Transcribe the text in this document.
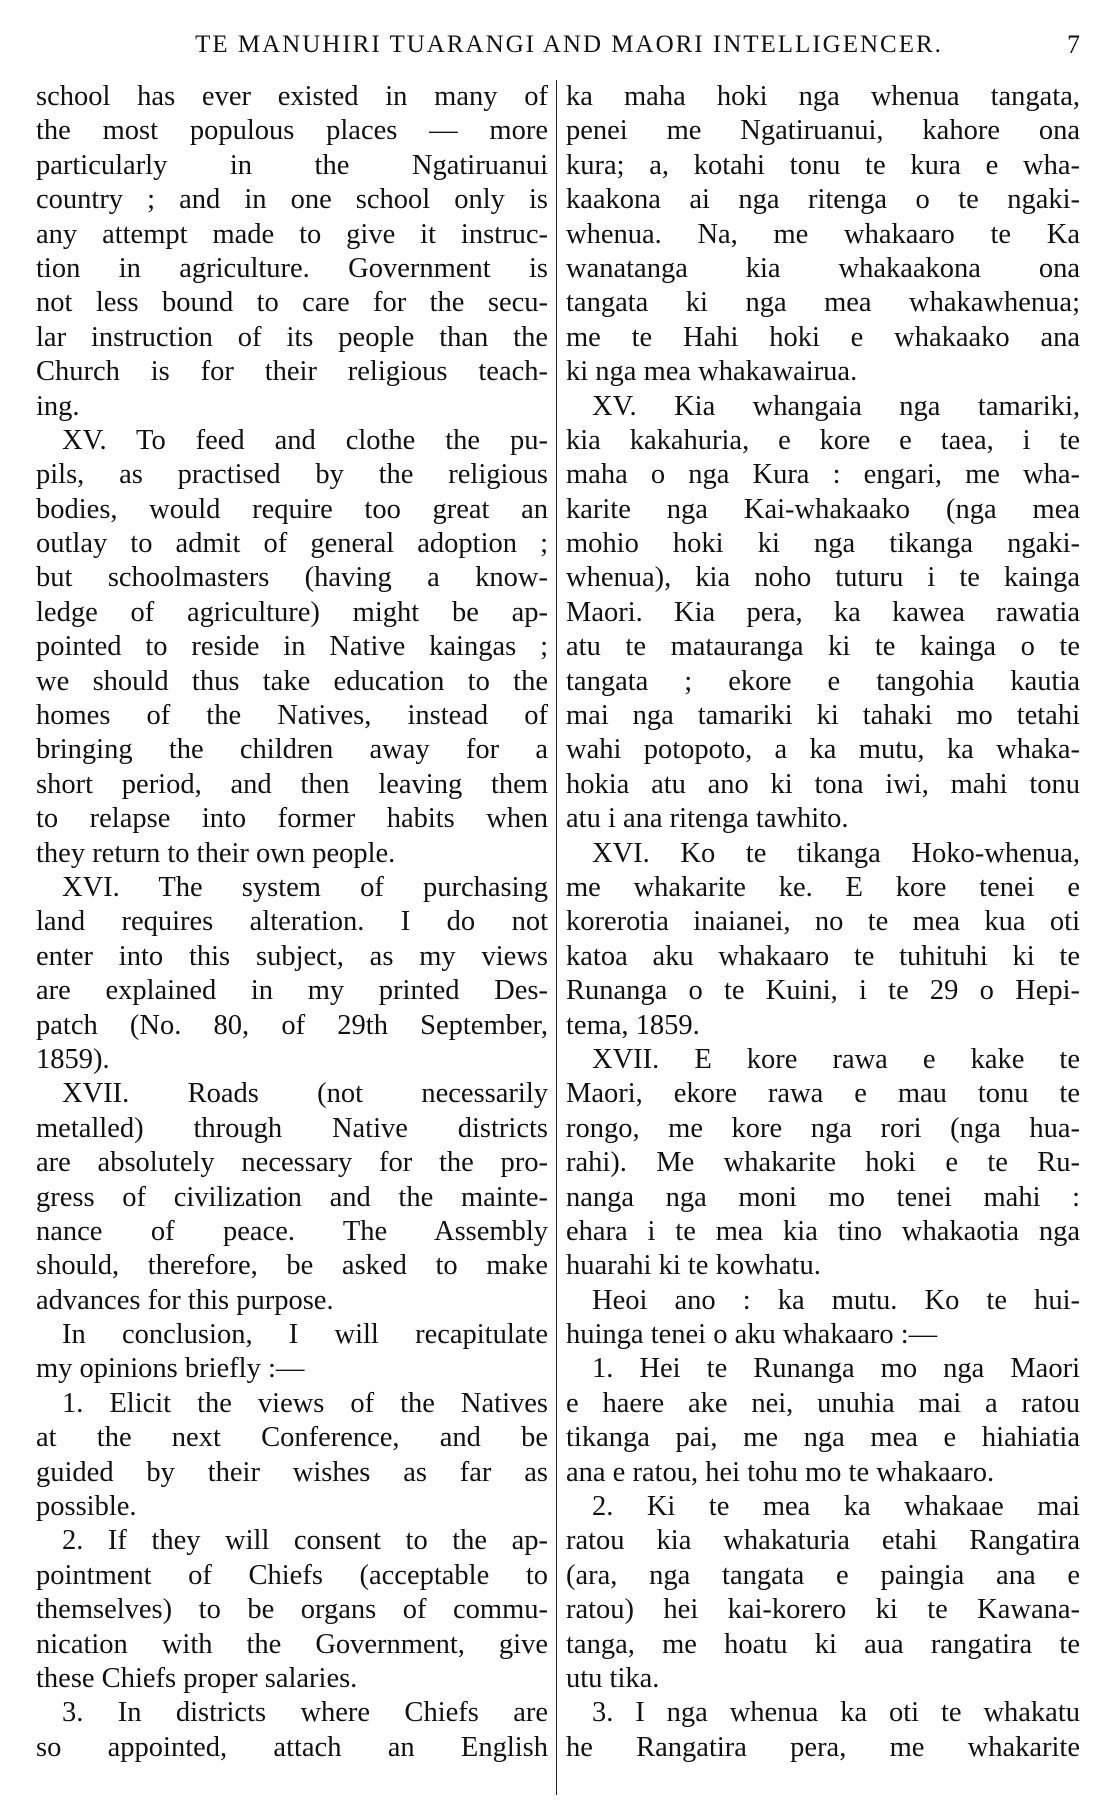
TE MANUHIRI TUARANGI AND MAORI INTELLIGENCER.	7
school has ever existed in many of
the most populous places — more
particularly in the Ngatiruanui
country ; and in one school only is
any attempt made to give it instruc-
tion in agriculture. Government is
not less bound to care for the secu-
lar instruction of its people than the
Church is for their religious teach-
ing.
XV. To feed and clothe the pu-
pils, as practised by the religious
bodies, would require too great an
outlay to admit of general adoption ;
but schoolmasters (having a know-
ledge of agriculture) might be ap-
pointed to reside in Native kaingas ;
we should thus take education to the
homes of the Natives, instead of
bringing the children away for a
short period, and then leaving them
to relapse into former habits when
they return to their own people.
XVI. The system of purchasing
land requires alteration. I do not
enter into this subject, as my views
are explained in my printed Des-
patch (No. 80, of 29th September,
1859).
XVII. Roads (not necessarily
metalled) through Native districts
are absolutely necessary for the pro-
gress of civilization and the mainte-
nance of peace. The Assembly
should, therefore, be asked to make
advances for this purpose.
In conclusion, I will recapitulate
my opinions briefly :—
1. Elicit the views of the Natives
at the next Conference, and be
guided by their wishes as far as
possible.
2. If they will consent to the ap-
pointment of Chiefs (acceptable to
themselves) to be organs of commu-
nication with the Government, give
these Chiefs proper salaries.
3. In districts where Chiefs are
so appointed, attach an English
ka maha hoki nga whenua tangata,
penei me Ngatiruanui, kahore ona
kura; a, kotahi tonu te kura e wha-
kaakona ai nga ritenga o te ngaki-
whenua. Na, me whakaaro te Ka
wanatanga kia whakaakona ona
tangata ki nga mea whakawhenua;
me te Hahi hoki e whakaako ana
ki nga mea whakawairua.
XV. Kia whangaia nga tamariki,
kia kakahuria, e kore e taea, i te
maha o nga Kura : engari, me wha-
karite nga Kai-whakaako (nga mea
mohio hoki ki nga tikanga ngaki-
whenua), kia noho tuturu i te kainga
Maori. Kia pera, ka kawea rawatia
atu te matauranga ki te kainga o te
tangata ; ekore e tangohia kautia
mai nga tamariki ki tahaki mo tetahi
wahi potopoto, a ka mutu, ka whaka-
hokia atu ano ki tona iwi, mahi tonu
atu i ana ritenga tawhito.
XVI. Ko te tikanga Hoko-whenua,
me whakarite ke. E kore tenei e
korerotia inaianei, no te mea kua oti
katoa aku whakaaro te tuhituhi ki te
Runanga o te Kuini, i te 29 o Hepi-
tema, 1859.
XVII. E kore rawa e kake te
Maori, ekore rawa e mau tonu te
rongo, me kore nga rori (nga hua-
rahi). Me whakarite hoki e te Ru-
nanga nga moni mo tenei mahi :
ehara i te mea kia tino whakaotia nga
huarahi ki te kowhatu.
Heoi ano : ka mutu. Ko te hui-
huinga tenei o aku whakaaro :—
1. Hei te Runanga mo nga Maori
e haere ake nei, unuhia mai a ratou
tikanga pai, me nga mea e hiahiatia
ana e ratou, hei tohu mo te whakaaro.
2. Ki te mea ka whakaae mai
ratou kia whakaturia etahi Rangatira
(ara, nga tangata e paingia ana e
ratou) hei kai-korero ki te Kawana-
tanga, me hoatu ki aua rangatira te
utu tika.
3. I nga whenua ka oti te whakatu
he Rangatira pera, me whakarite
